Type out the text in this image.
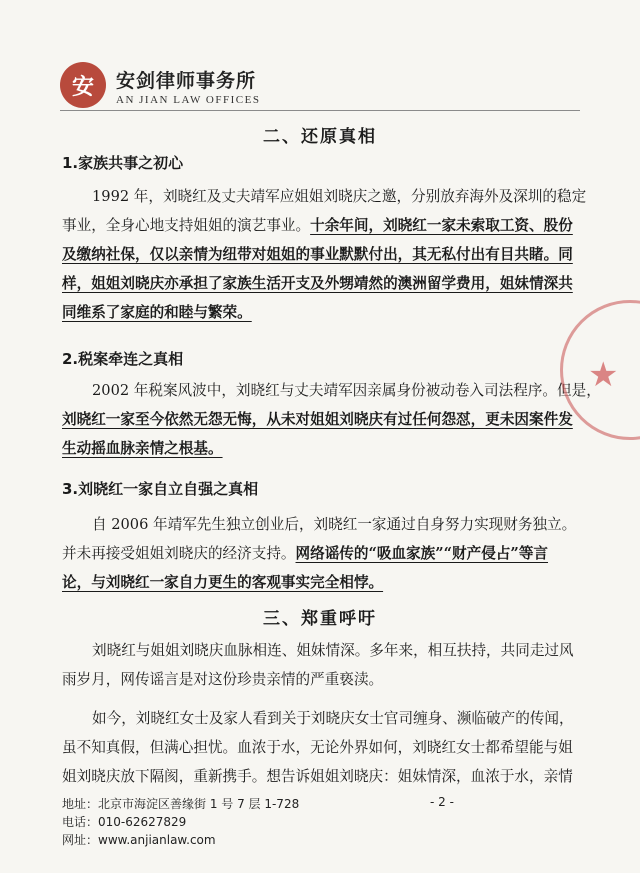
安	安剑律师事务所
AN JIAN LAW OFFICES
二、还原真相
1.家族共事之初心
1992 年，刘晓红及丈夫靖军应姐姐刘晓庆之邀，分别放弃海外及深圳的稳定
事业，全身心地支持姐姐的演艺事业。十余年间，刘晓红一家未索取工资、股份
及缴纳社保，仅以亲情为纽带对姐姐的事业默默付出，其无私付出有目共睹。同
样，姐姐刘晓庆亦承担了家族生活开支及外甥靖然的澳洲留学费用，姐妹情深共
同维系了家庭的和睦与繁荣。
2.税案牵连之真相
2002 年税案风波中，刘晓红与丈夫靖军因亲属身份被动卷入司法程序。但是，
刘晓红一家至今依然无怨无悔，从未对姐姐刘晓庆有过任何怨怼，更未因案件发
生动摇血脉亲情之根基。
3.刘晓红一家自立自强之真相
自 2006 年靖军先生独立创业后，刘晓红一家通过自身努力实现财务独立。
并未再接受姐姐刘晓庆的经济支持。网络谣传的“吸血家族”“财产侵占”等言
论，与刘晓红一家自力更生的客观事实完全相悖。
三、郑重呼吁
刘晓红与姐姐刘晓庆血脉相连、姐妹情深。多年来，相互扶持，共同走过风
雨岁月，网传谣言是对这份珍贵亲情的严重亵渎。
如今，刘晓红女士及家人看到关于刘晓庆女士官司缠身、濒临破产的传闻，
虽不知真假，但满心担忧。血浓于水，无论外界如何，刘晓红女士都希望能与姐
姐刘晓庆放下隔阂，重新携手。想告诉姐姐刘晓庆：姐妹情深，血浓于水，亲情
★
地址：北京市海淀区善缘街 1 号 7 层 1-728
电话：010-62627829
网址：www.anjianlaw.com
- 2 -
